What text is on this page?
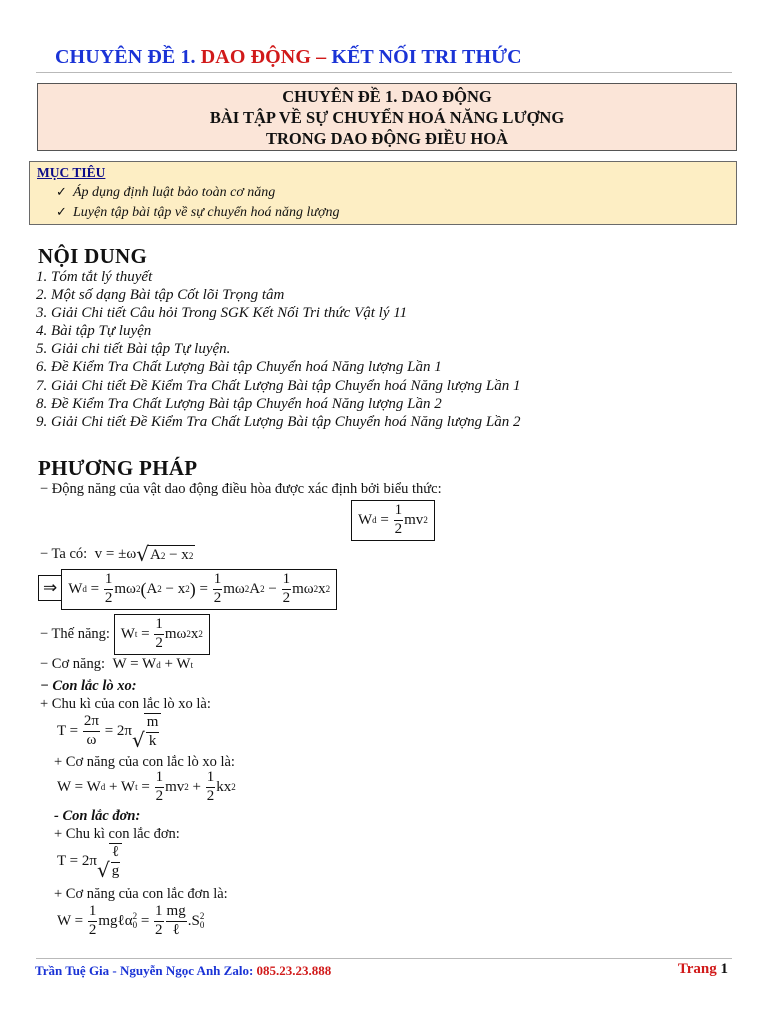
CHUYÊN ĐỀ 1. DAO ĐỘNG – KẾT NỐI TRI THỨC
CHUYÊN ĐỀ 1. DAO ĐỘNG
BÀI TẬP VỀ SỰ CHUYỂN HOÁ NĂNG LƯỢNG
TRONG DAO ĐỘNG ĐIỀU HOÀ
MỤC TIÊU
✓ Áp dụng định luật bảo toàn cơ năng
✓ Luyện tập bài tập về sự chuyển hoá năng lượng
NỘI DUNG
1. Tóm tắt lý thuyết
2. Một số dạng Bài tập Cốt lõi Trọng tâm
3. Giải Chi tiết Câu hỏi Trong SGK Kết Nối Tri thức Vật lý 11
4. Bài tập Tự luyện
5. Giải chi tiết Bài tập Tự luyện.
6. Đề Kiểm Tra Chất Lượng Bài tập Chuyển hoá Năng lượng Lần 1
7. Giải Chi tiết Đề Kiểm Tra Chất Lượng Bài tập Chuyển hoá Năng lượng Lần 1
8. Đề Kiểm Tra Chất Lượng Bài tập Chuyển hoá Năng lượng Lần 2
9. Giải Chi tiết Đề Kiểm Tra Chất Lượng Bài tập Chuyển hoá Năng lượng Lần 2
PHƯƠNG PHÁP
− Động năng của vật dao động điều hòa được xác định bởi biểu thức:
W $d = \frac{1}{2}$ mv 2
− Ta có: v = ±ω √ A 2 − x 2
⇒ W $d = \frac{1}{2}$ mω 2 ( A 2 − x 2 ) = $\frac{1}{2}$ mω 2 A $2 - \frac{1}{2}$ mω 2 x 2
− Thế năng:
W $t = \frac{1}{2}$ mω 2 x 2
− Cơ năng: W = W d + W t
− Con lắc lò xo:
+ Chu kì của con lắc lò xo là:
$T = \frac{2\pi}{\omega} = 2\pi$ √ $\frac{m}{k}$
+ Cơ năng của con lắc lò xo là:
W = W d + W $t = \frac{1}{2}$ mv $2 + \frac{1}{2}$ kx 2
- Con lắc đơn:
+ Chu kì con lắc đơn:
T = 2π √ $\frac{\text{ℓ}}{g}$
+ Cơ năng của con lắc đơn là:
$W = \frac{1}{2}$ mgℓα 2
$0 = \frac{1}{2} \frac{mg}{\text{ℓ}} .S$ 2
0
Trần Tuệ Gia - Nguyễn Ngọc Anh Zalo: 085.23.23.888	Trang 1
